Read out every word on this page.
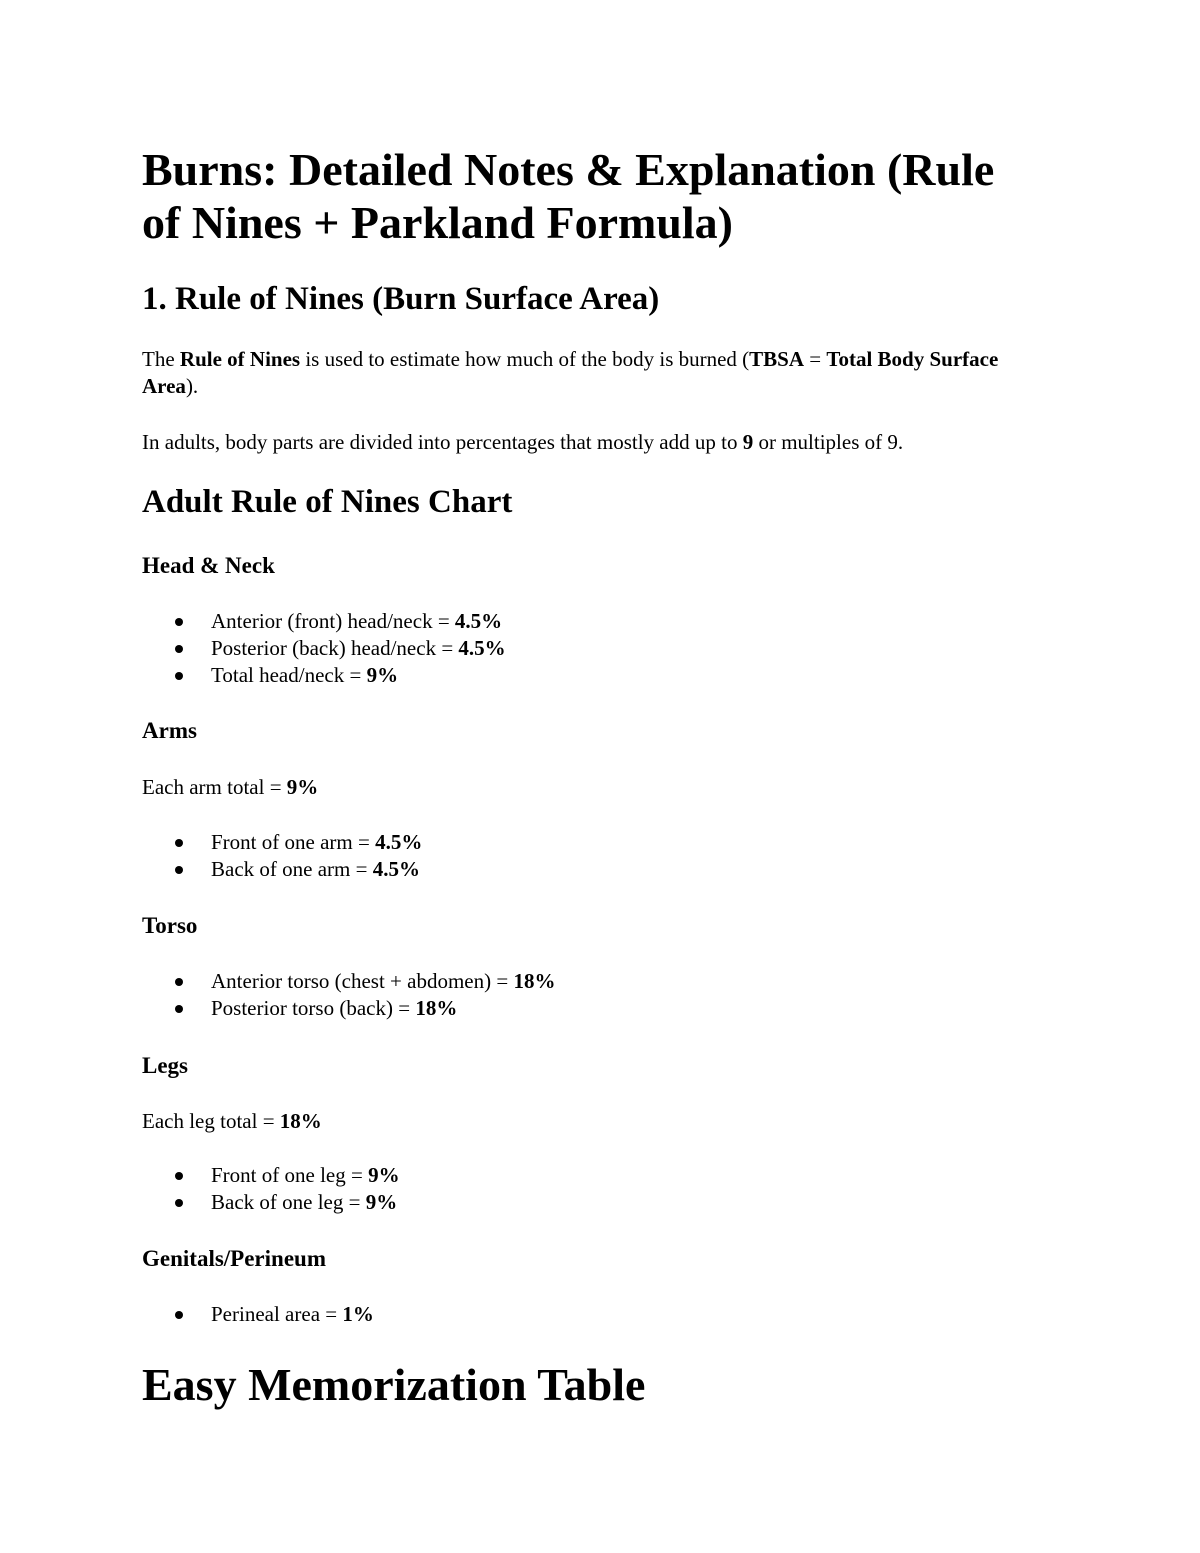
Burns: Detailed Notes & Explanation (Rule of Nines + Parkland Formula)
1. Rule of Nines (Burn Surface Area)
The Rule of Nines is used to estimate how much of the body is burned (TBSA = Total Body Surface Area).
In adults, body parts are divided into percentages that mostly add up to 9 or multiples of 9.
Adult Rule of Nines Chart
Head & Neck
Anterior (front) head/neck = 4.5%
Posterior (back) head/neck = 4.5%
Total head/neck = 9%
Arms
Each arm total = 9%
Front of one arm = 4.5%
Back of one arm = 4.5%
Torso
Anterior torso (chest + abdomen) = 18%
Posterior torso (back) = 18%
Legs
Each leg total = 18%
Front of one leg = 9%
Back of one leg = 9%
Genitals/Perineum
Perineal area = 1%
Easy Memorization Table
